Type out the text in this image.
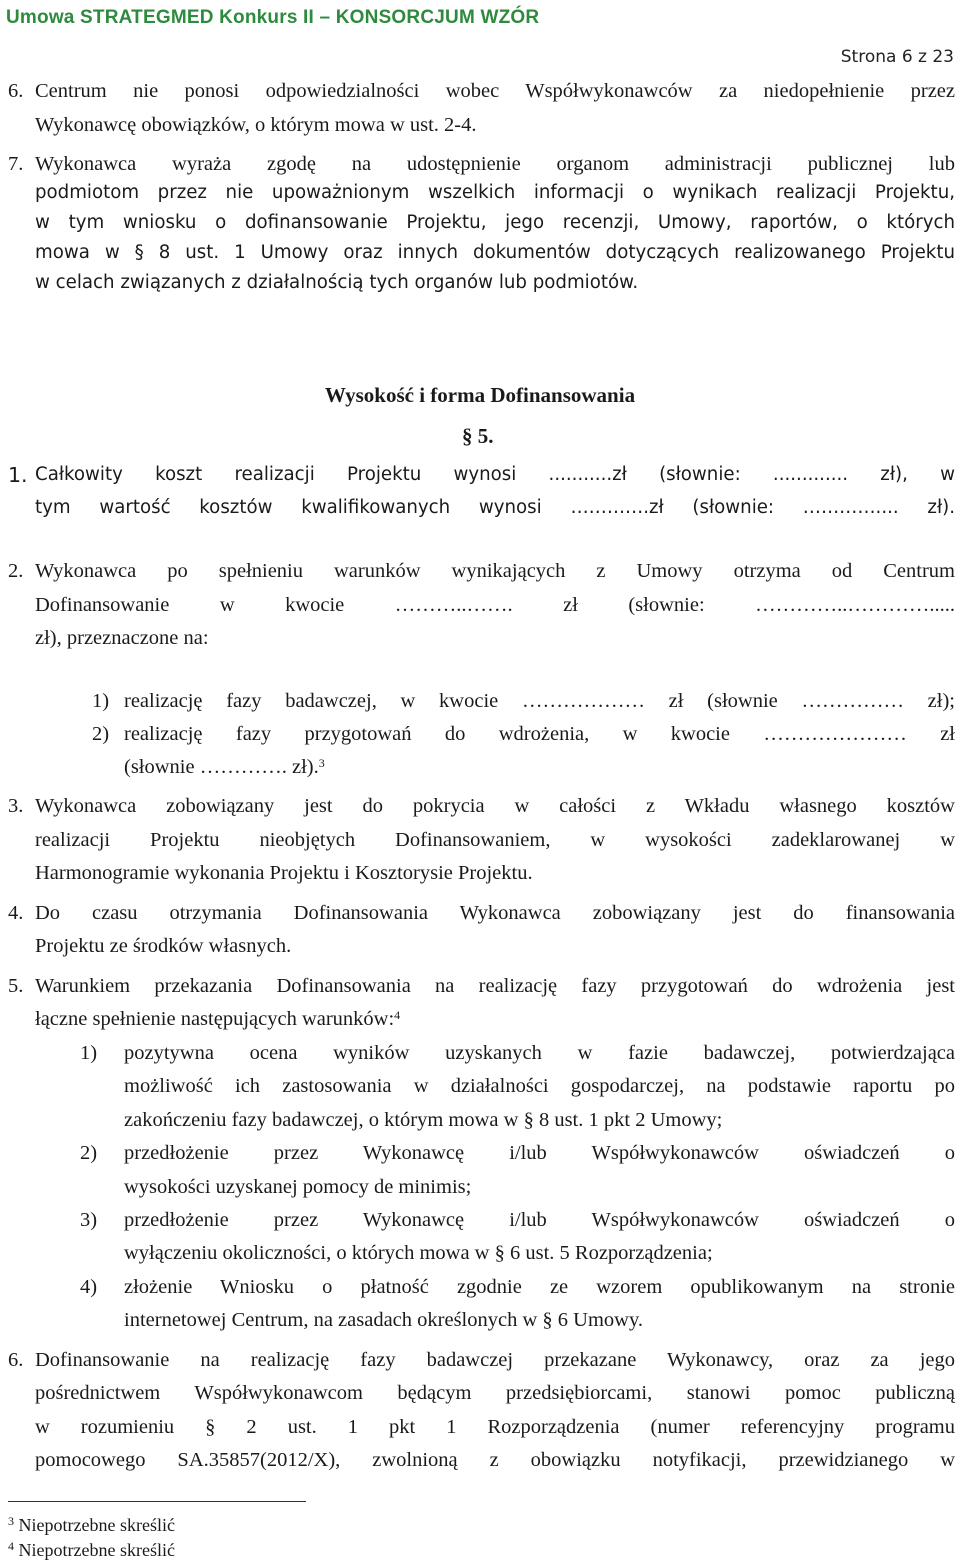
Umowa STRATEGMED Konkurs II – KONSORCJUM WZÓR
Strona 6 z 23
6. Centrum nie ponosi odpowiedzialności wobec Współwykonawców za niedopełnienie przez
Wykonawcę obowiązków, o którym mowa w ust. 2-4.
7. Wykonawca wyraża zgodę na udostępnienie organom administracji publicznej lub
podmiotom przez nie upoważnionym wszelkich informacji o wynikach realizacji Projektu,
w tym wniosku o dofinansowanie Projektu, jego recenzji, Umowy, raportów, o których
mowa w § 8 ust. 1 Umowy oraz innych dokumentów dotyczących realizowanego Projektu
w celach związanych z działalnością tych organów lub podmiotów.
Wysokość i forma Dofinansowania
§ 5.
1. Całkowity koszt realizacji Projektu wynosi ...........zł (słownie: ............. zł), w
tym wartość kosztów kwalifikowanych wynosi ………….zł (słownie: ………….... zł).
2. Wykonawca po spełnieniu warunków wynikających z Umowy otrzyma od Centrum
Dofinansowanie w kwocie ………..……. zł (słownie: …………..………….....
zł), przeznaczone na:
1) realizację fazy badawczej, w kwocie ……………… zł (słownie …………… zł);
2) realizację fazy przygotowań do wdrożenia, w kwocie ………………… zł
(słownie …………. zł).$^3$
3. Wykonawca zobowiązany jest do pokrycia w całości z Wkładu własnego kosztów
realizacji Projektu nieobjętych Dofinansowaniem, w wysokości zadeklarowanej w
Harmonogramie wykonania Projektu i Kosztorysie Projektu.
4. Do czasu otrzymania Dofinansowania Wykonawca zobowiązany jest do finansowania
Projektu ze środków własnych.
5. Warunkiem przekazania Dofinansowania na realizację fazy przygotowań do wdrożenia jest
łączne spełnienie następujących warunków:$^4$
1) pozytywna ocena wyników uzyskanych w fazie badawczej, potwierdzająca
możliwość ich zastosowania w działalności gospodarczej, na podstawie raportu po
zakończeniu fazy badawczej, o którym mowa w § 8 ust. 1 pkt 2 Umowy;
2) przedłożenie przez Wykonawcę i/lub Współwykonawców oświadczeń o
wysokości uzyskanej pomocy de minimis;
3) przedłożenie przez Wykonawcę i/lub Współwykonawców oświadczeń o
wyłączeniu okoliczności, o których mowa w § 6 ust. 5 Rozporządzenia;
4) złożenie Wniosku o płatność zgodnie ze wzorem opublikowanym na stronie
internetowej Centrum, na zasadach określonych w § 6 Umowy.
6. Dofinansowanie na realizację fazy badawczej przekazane Wykonawcy, oraz za jego
pośrednictwem Współwykonawcom będącym przedsiębiorcami, stanowi pomoc publiczną
w rozumieniu § 2 ust. 1 pkt 1 Rozporządzenia (numer referencyjny programu
pomocowego SA.35857(2012/X), zwolnioną z obowiązku notyfikacji, przewidzianego w
$^3$ Niepotrzebne skreślić
$^4$ Niepotrzebne skreślić
